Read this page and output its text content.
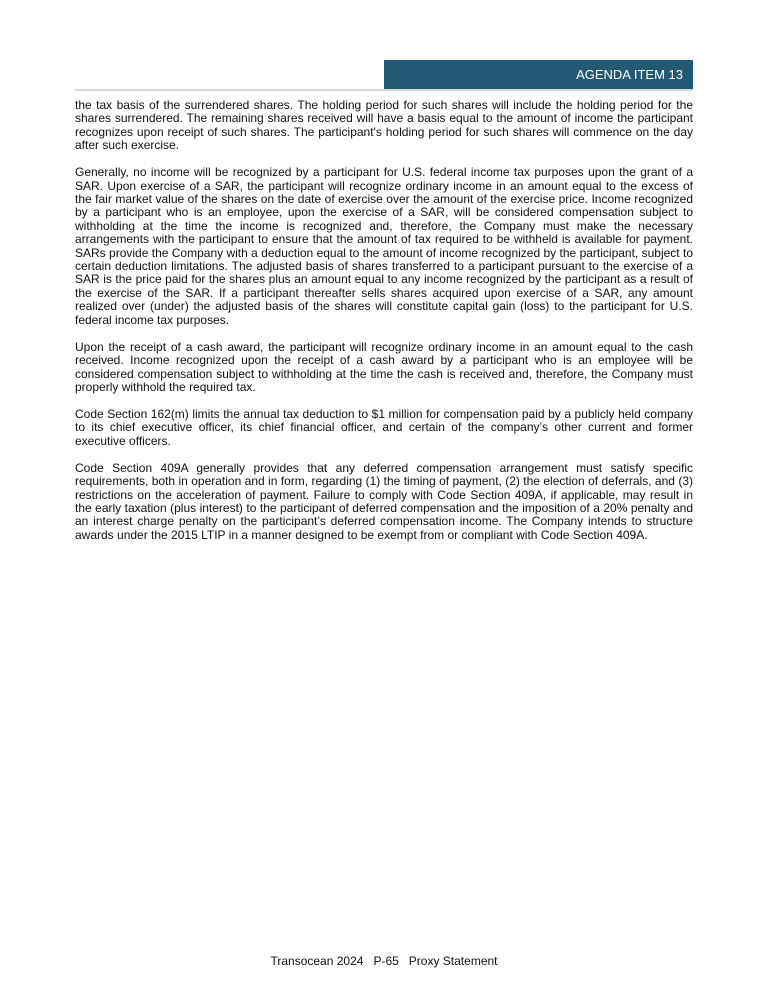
AGENDA ITEM 13

the tax basis of the surrendered shares. The holding period for such shares will include the holding period for the shares surrendered. The remaining shares received will have a basis equal to the amount of income the participant recognizes upon receipt of such shares. The participant's holding period for such shares will commence on the day after such exercise.

Generally, no income will be recognized by a participant for U.S. federal income tax purposes upon the grant of a SAR. Upon exercise of a SAR, the participant will recognize ordinary income in an amount equal to the excess of the fair market value of the shares on the date of exercise over the amount of the exercise price. Income recognized by a participant who is an employee, upon the exercise of a SAR, will be considered compensation subject to withholding at the time the income is recognized and, therefore, the Company must make the necessary arrangements with the participant to ensure that the amount of tax required to be withheld is available for payment. SARs provide the Company with a deduction equal to the amount of income recognized by the participant, subject to certain deduction limitations. The adjusted basis of shares transferred to a participant pursuant to the exercise of a SAR is the price paid for the shares plus an amount equal to any income recognized by the participant as a result of the exercise of the SAR. If a participant thereafter sells shares acquired upon exercise of a SAR, any amount realized over (under) the adjusted basis of the shares will constitute capital gain (loss) to the participant for U.S. federal income tax purposes.

Upon the receipt of a cash award, the participant will recognize ordinary income in an amount equal to the cash received. Income recognized upon the receipt of a cash award by a participant who is an employee will be considered compensation subject to withholding at the time the cash is received and, therefore, the Company must properly withhold the required tax.

Code Section 162(m) limits the annual tax deduction to $1 million for compensation paid by a publicly held company to its chief executive officer, its chief financial officer, and certain of the company’s other current and former executive officers.

Code Section 409A generally provides that any deferred compensation arrangement must satisfy specific requirements, both in operation and in form, regarding (1) the timing of payment, (2) the election of deferrals, and (3) restrictions on the acceleration of payment. Failure to comply with Code Section 409A, if applicable, may result in the early taxation (plus interest) to the participant of deferred compensation and the imposition of a 20% penalty and an interest charge penalty on the participant’s deferred compensation income. The Company intends to structure awards under the 2015 LTIP in a manner designed to be exempt from or compliant with Code Section 409A.

Transocean 2024   P-65   Proxy Statement
